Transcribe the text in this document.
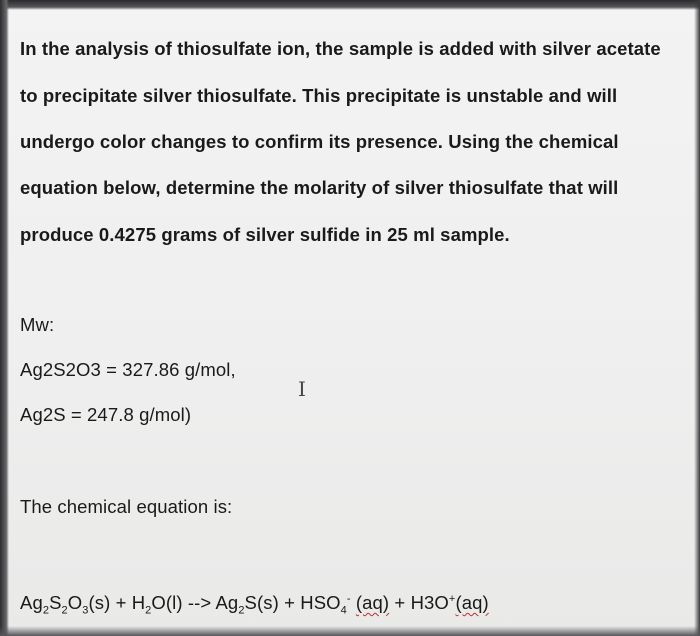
In the analysis of thiosulfate ion, the sample is added with silver acetate
to precipitate silver thiosulfate. This precipitate is unstable and will
undergo color changes to confirm its presence. Using the chemical
equation below, determine the molarity of silver thiosulfate that will
produce 0.4275 grams of silver sulfide in 25 ml sample.
Mw:
Ag2S2O3 = 327.86 g/mol,
Ag2S = 247.8 g/mol)
I
The chemical equation is:
$Ag_2S_2O_3(s) + H_2O(l)$ --> $Ag_2S(s) + HSO_4^-$ (aq) + H3O+(aq)
